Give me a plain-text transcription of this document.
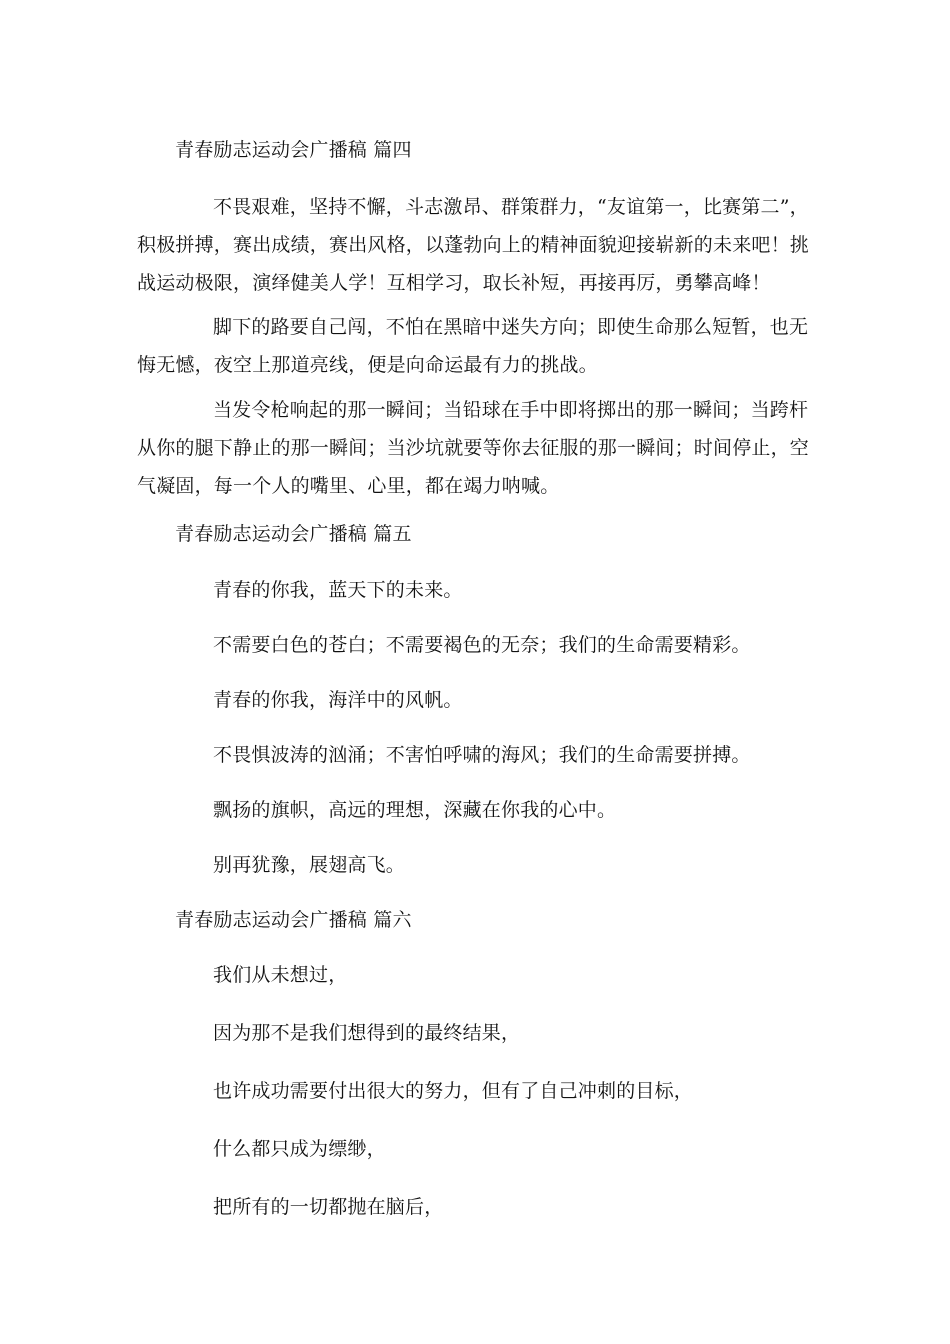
青春励志运动会广播稿 篇四
不畏艰难，坚持不懈，斗志激昂、群策群力，“友谊第一，比赛第二”，积极拼搏，赛出成绩，赛出风格，以蓬勃向上的精神面貌迎接崭新的未来吧！挑战运动极限，演绎健美人学！互相学习，取长补短，再接再厉，勇攀高峰！
脚下的路要自己闯，不怕在黑暗中迷失方向；即使生命那么短暂，也无悔无憾，夜空上那道亮线，便是向命运最有力的挑战。
当发令枪响起的那一瞬间；当铅球在手中即将掷出的那一瞬间；当跨杆从你的腿下静止的那一瞬间；当沙坑就要等你去征服的那一瞬间；时间停止，空气凝固，每一个人的嘴里、心里，都在竭力呐喊。
青春励志运动会广播稿 篇五
青春的你我，蓝天下的未来。
不需要白色的苍白；不需要褐色的无奈；我们的生命需要精彩。
青春的你我，海洋中的风帆。
不畏惧波涛的汹涌；不害怕呼啸的海风；我们的生命需要拼搏。
飘扬的旗帜，高远的理想，深藏在你我的心中。
别再犹豫，展翅高飞。
青春励志运动会广播稿 篇六
我们从未想过，
因为那不是我们想得到的最终结果，
也许成功需要付出很大的努力，但有了自己冲刺的目标，
什么都只成为缥缈，
把所有的一切都抛在脑后，
